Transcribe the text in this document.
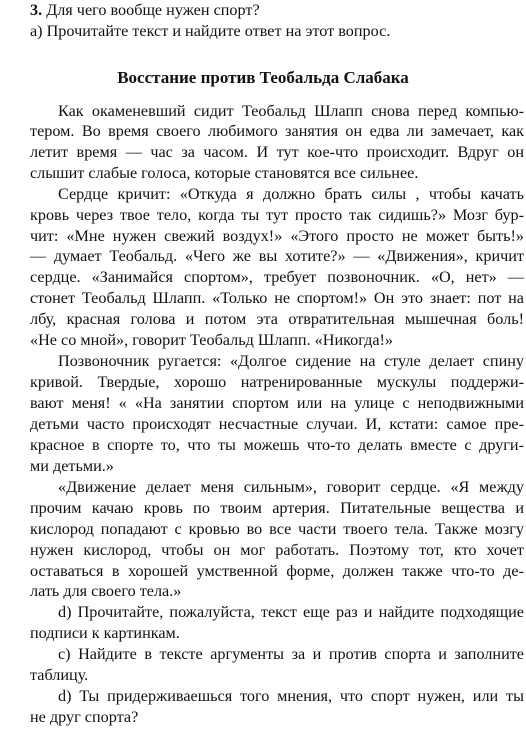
3. Для чего вообще нужен спорт?
а) Прочитайте текст и найдите ответ на этот вопрос.
Восстание против Теобальда Слабака
Как окаменевший сидит Теобальд Шлапп снова перед компью-
тером. Во время своего любимого занятия он едва ли замечает, как
летит время — час за часом. И тут кое-что происходит. Вдруг он
слышит слабые голоса, которые становятся все сильнее.
Сердце кричит: «Откуда я должно брать силы , чтобы качать
кровь через твое тело, когда ты тут просто так сидишь?» Мозг бур-
чит: «Мне нужен свежий воздух!» «Этого просто не может быть!»
— думает Теобальд. «Чего же вы хотите?» — «Движения», кричит
сердце. «Занимайся спортом», требует позвоночник. «О, нет» —
стонет Теобальд Шлапп. «Только не спортом!» Он это знает: пот на
лбу, красная голова и потом эта отвратительная мышечная боль!
«Не со мной», говорит Теобальд Шлапп. «Никогда!»
Позвоночник ругается: «Долгое сидение на стуле делает спину
кривой. Твердые, хорошо натренированные мускулы поддержи-
вают меня! « «На занятии спортом или на улице с неподвижными
детьми часто происходят несчастные случаи. И, кстати: самое пре-
красное в спорте то, что ты можешь что-то делать вместе с други-
ми детьми.»
«Движение делает меня сильным», говорит сердце. «Я между
прочим качаю кровь по твоим артерия. Питательные вещества и
кислород попадают с кровью во все части твоего тела. Также мозгу
нужен кислород, чтобы он мог работать. Поэтому тот, кто хочет
оставаться в хорошей умственной форме, должен также что-то де-
лать для своего тела.»
d) Прочитайте, пожалуйста, текст еще раз и найдите подходящие
подписи к картинкам.
c) Найдите в тексте аргументы за и против спорта и заполните
таблицу.
d) Ты придерживаешься того мнения, что спорт нужен, или ты
не друг спорта?
